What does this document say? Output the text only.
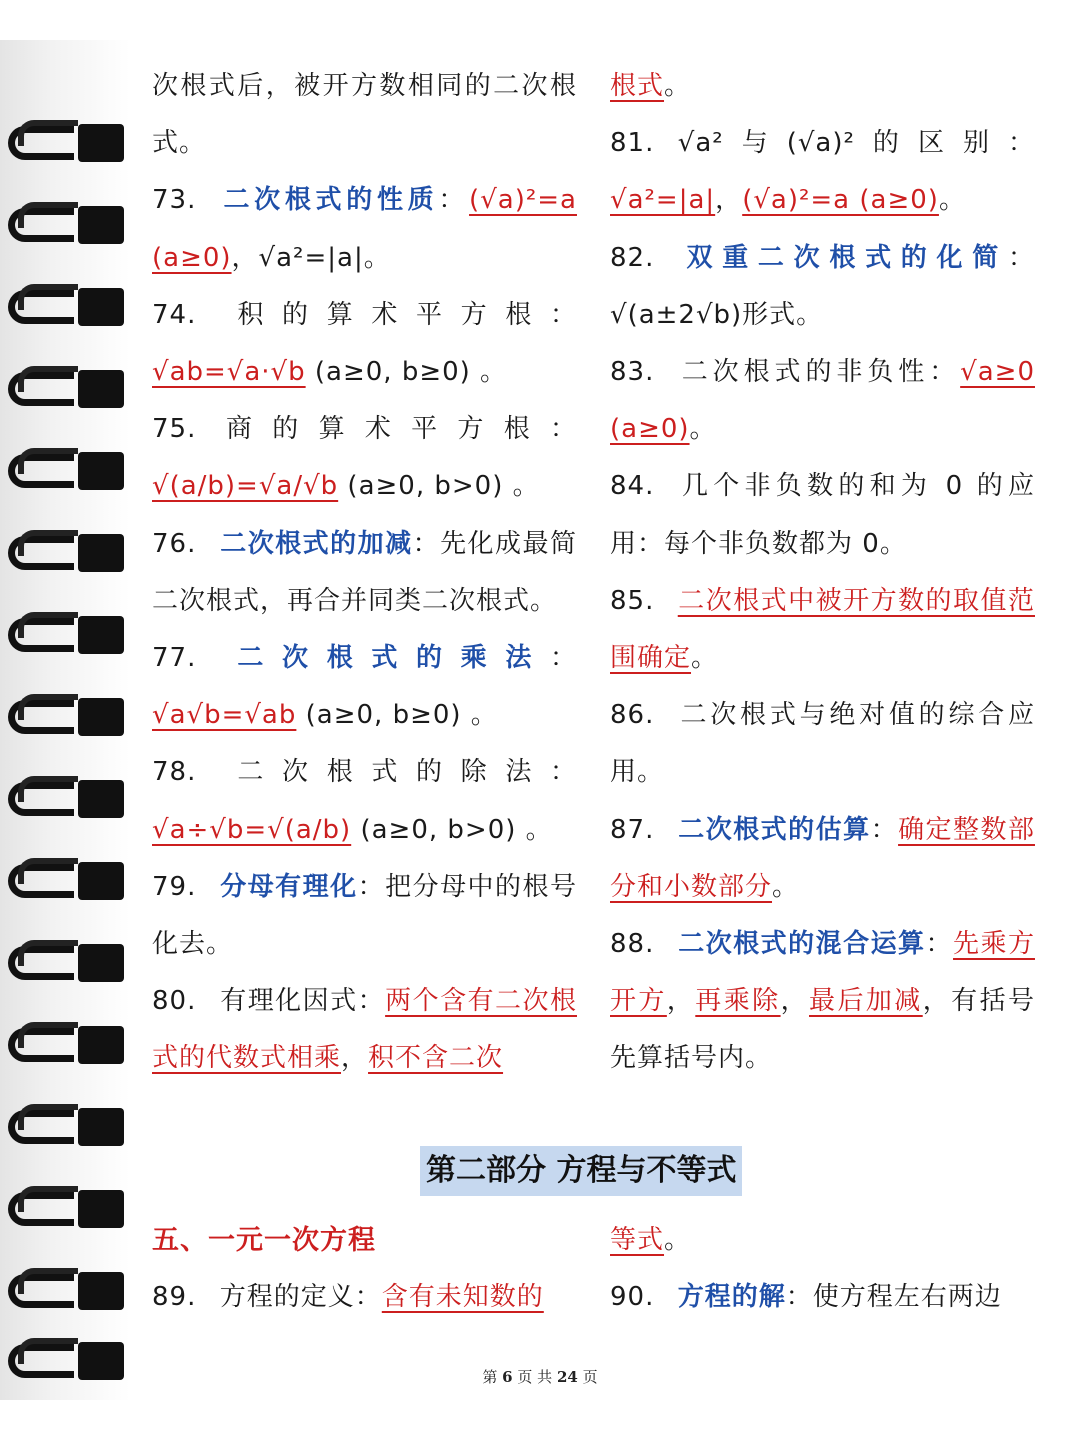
次根式后，被开方数相同的二次根式。

73. 二次根式的性质：(√a)²=a (a≥0)，√a²=|a|。

74. 积的算术平方根：√ab=√a·√b (a≥0, b≥0) 。

75. 商的算术平方根：√(a/b)=√a/√b (a≥0, b>0) 。

76. 二次根式的加减：先化成最简二次根式，再合并同类二次根式。

77. 二次根式的乘法：√a√b=√ab (a≥0, b≥0) 。

78. 二次根式的除法：√a÷√b=√(a/b) (a≥0, b>0) 。

79. 分母有理化：把分母中的根号化去。

80. 有理化因式：两个含有二次根式的代数式相乘，积不含二次

根式。

81. √a²与(√a)²的区别：√a²=|a|，(√a)²=a (a≥0)。

82. 双重二次根式的化简：√(a±2√b)形式。

83. 二次根式的非负性：√a≥0 (a≥0)。

84. 几个非负数的和为 0 的应用：每个非负数都为 0。

85. 二次根式中被开方数的取值范围确定。

86. 二次根式与绝对值的综合应用。

87. 二次根式的估算：确定整数部分和小数部分。

88. 二次根式的混合运算：先乘方开方，再乘除，最后加减，有括号先算括号内。

第二部分 方程与不等式

五、一元一次方程

89. 方程的定义：含有未知数的

等式。

90. 方程的解：使方程左右两边

第 6 页 共 24 页
